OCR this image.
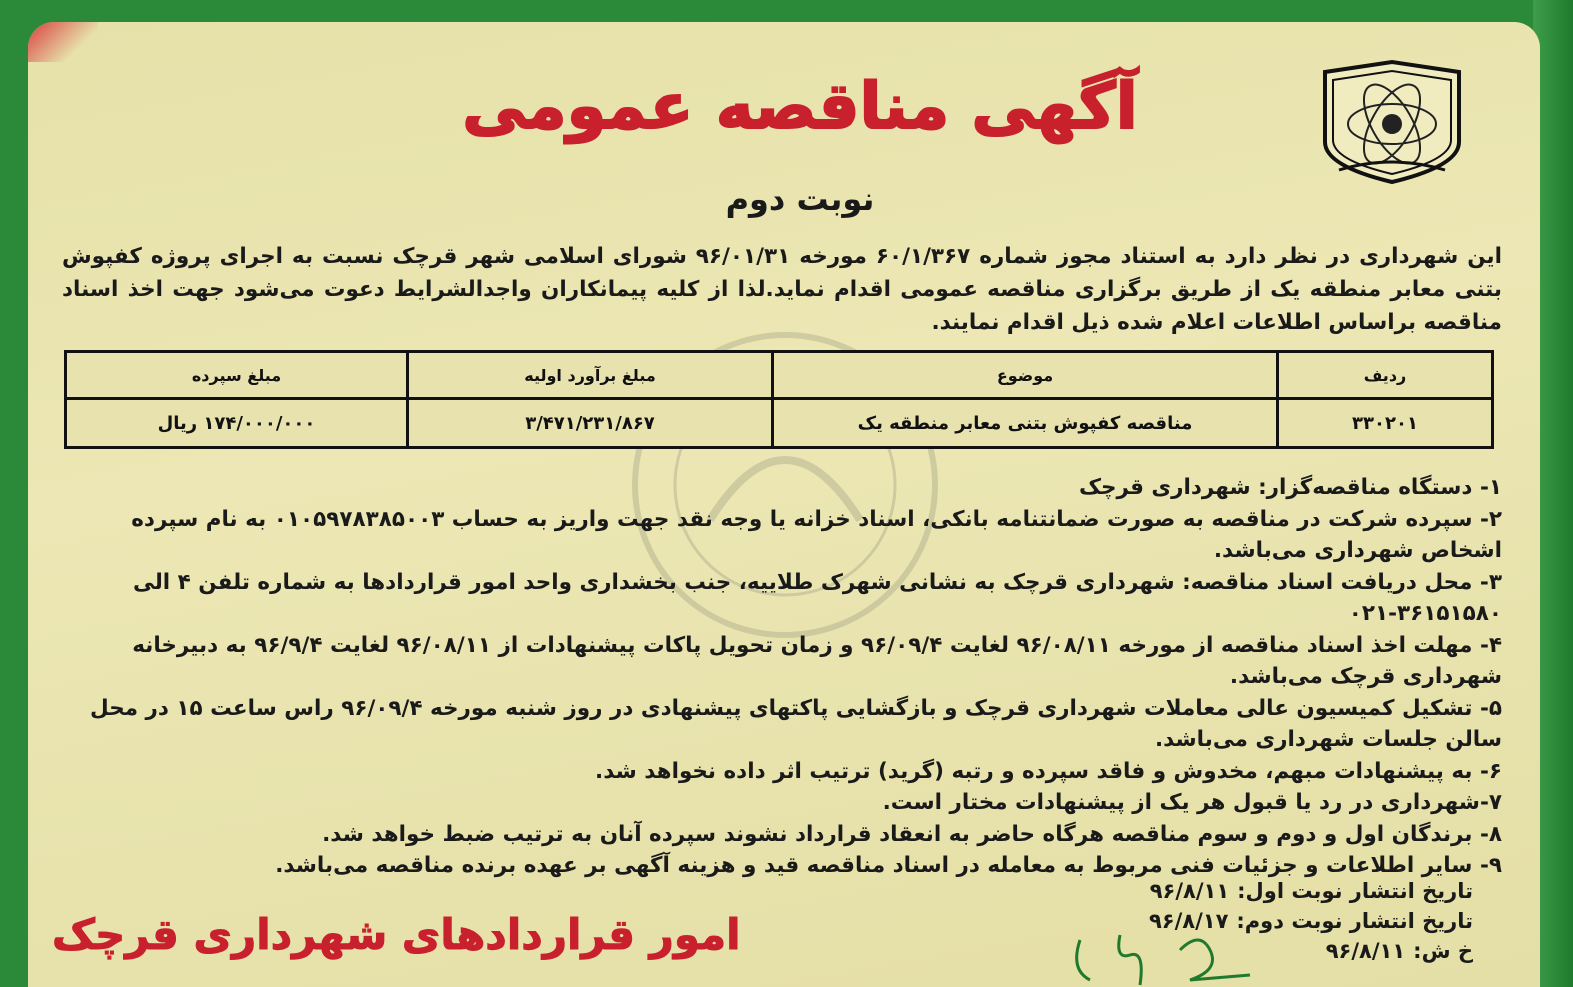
آگهی مناقصه عمومی
نوبت دوم
این شهرداری در نظر دارد به استناد مجوز شماره ۶۰/۱/۳۶۷ مورخه ۹۶/۰۱/۳۱ شورای اسلامی شهر قرچک نسبت به اجرای پروژه کفپوش بتنی معابر منطقه یک از طریق برگزاری مناقصه عمومی اقدام نماید.لذا از کلیه پیمانکاران واجدالشرایط دعوت می‌شود جهت اخذ اسناد مناقصه براساس اطلاعات اعلام شده ذیل اقدام نمایند.
ردیف	موضوع	مبلغ برآورد اولیه	مبلغ سپرده
۳۳۰۲۰۱	مناقصه کفپوش بتنی معابر منطقه یک	۳/۴۷۱/۲۳۱/۸۶۷	۱۷۴/۰۰۰/۰۰۰ ریال

۱- دستگاه مناقصه‌گزار: شهرداری قرچک

۲- سپرده شرکت در مناقصه به صورت ضمانتنامه بانکی، اسناد خزانه یا وجه نقد جهت واریز به حساب ۰۱۰۵۹۷۸۳۸۵۰۰۳ به نام سپرده اشخاص شهرداری می‌باشد.

۳- محل دریافت اسناد مناقصه: شهرداری قرچک به نشانی شهرک طلاییه، جنب بخشداری واحد امور قراردادها به شماره تلفن ۴ الی ۳۶۱۵۱۵۸۰-۰۲۱

۴- مهلت اخذ اسناد مناقصه از مورخه ۹۶/۰۸/۱۱ لغایت ۹۶/۰۹/۴ و زمان تحویل پاکات پیشنهادات از ۹۶/۰۸/۱۱ لغایت ۹۶/۹/۴ به دبیرخانه شهرداری قرچک می‌باشد.

۵- تشکیل کمیسیون عالی معاملات شهرداری قرچک و بازگشایی پاکتهای پیشنهادی در روز شنبه مورخه ۹۶/۰۹/۴ راس ساعت ۱۵ در محل سالن جلسات شهرداری می‌باشد.

۶- به پیشنهادات مبهم، مخدوش و فاقد سپرده و رتبه (گرید) ترتیب اثر داده نخواهد شد.

۷-شهرداری در رد یا قبول هر یک از پیشنهادات مختار است.

۸- برندگان اول و دوم و سوم مناقصه هرگاه حاضر به انعقاد قرارداد نشوند سپرده آنان به ترتیب ضبط خواهد شد.

۹- سایر اطلاعات و جزئیات فنی مربوط به معامله در اسناد مناقصه قید و هزینه آگهی بر عهده برنده مناقصه می‌باشد.

تاریخ انتشار نوبت اول:۹۶/۸/۱۱

تاریخ انتشار نوبت دوم:۹۶/۸/۱۷

خ ش:۹۶/۸/۱۱

امور قراردادهای شهرداری قرچک
